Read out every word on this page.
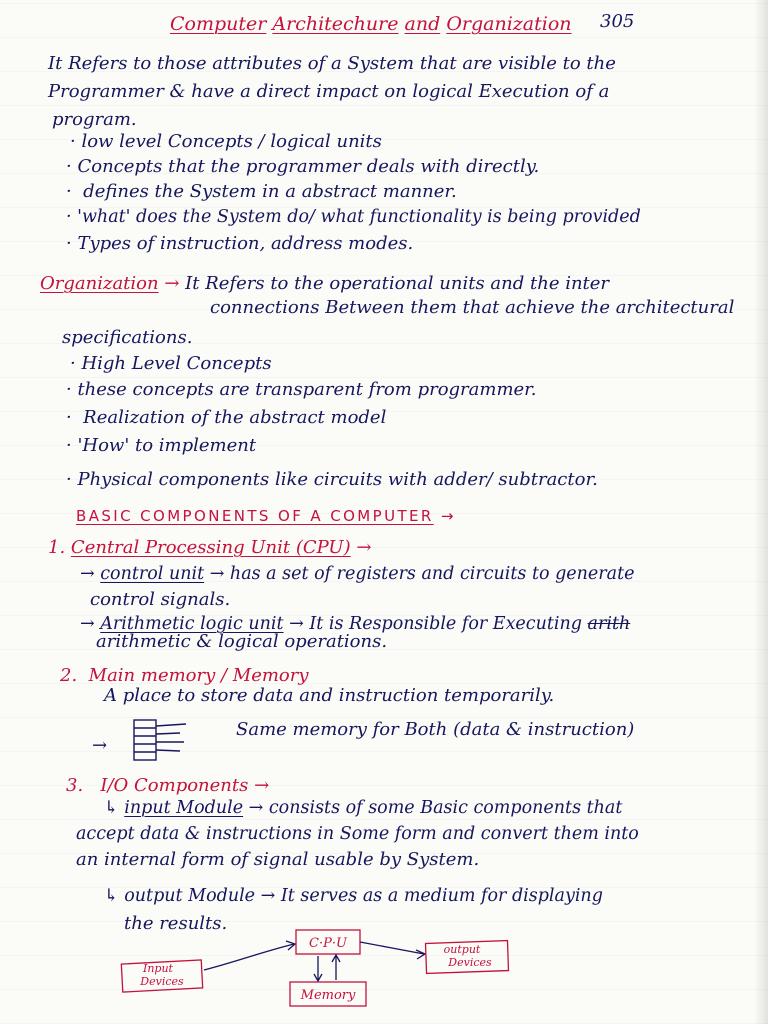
Computer Architechure and Organization 305
It Refers to those attributes of a System that are visible to the
Programmer & have a direct impact on logical Execution of a
program.
· low level Concepts / logical units
· Concepts that the programmer deals with directly.
·  defines the System in a abstract manner.
· 'what' does the System do/ what functionality is being provided
· Types of instruction, address modes.
Organization → It Refers to the operational units and the inter
connections Between them that achieve the architectural
specifications.
· High Level Concepts
· these concepts are transparent from programmer.
·  Realization of the abstract model
· 'How' to implement
· Physical components like circuits with adder/ subtractor.
BASIC COMPONENTS OF A COMPUTER →
1. Central Processing Unit (CPU) →
→ control unit → has a set of registers and circuits to generate
control signals.
→ Arithmetic logic unit → It is Responsible for Executing arith
arithmetic & logical operations.
2. Main memory / Memory
A place to store data and instruction temporarily.
→
Same memory for Both (data & instruction)
3. I/O Components →
↳ input Module → consists of some Basic components that
accept data & instructions in Some form and convert them into
an internal form of signal usable by System.
↳ output Module → It serves as a medium for displaying
the results.
Input
Devices
C·P·U	output
Devices
Memory
